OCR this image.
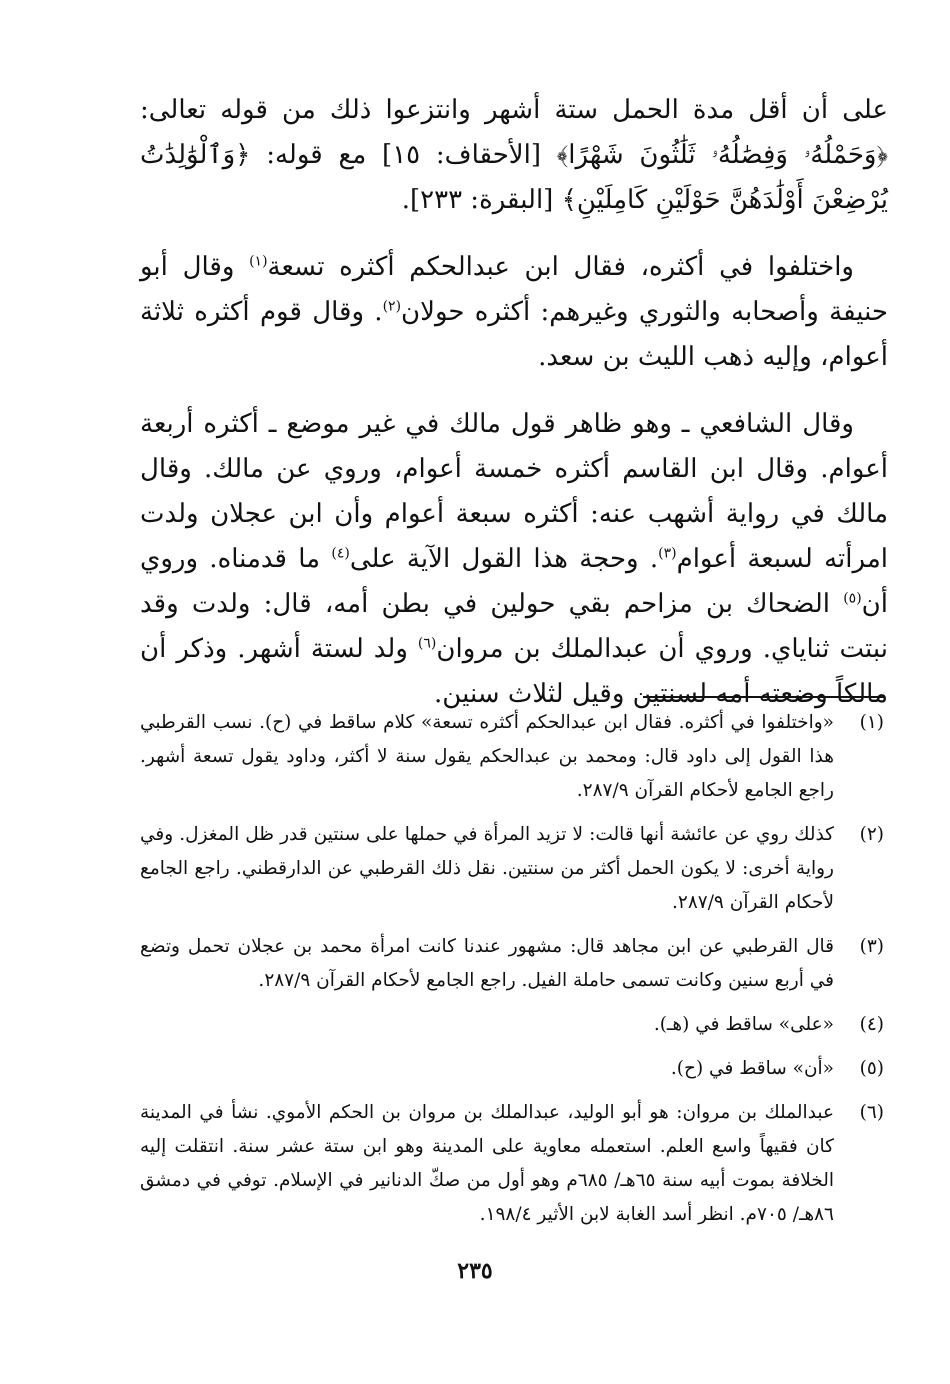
على أن أقل مدة الحمل ستة أشهر وانتزعوا ذلك من قوله تعالى: ﴿وَحَمْلُهُۥ وَفِصَٰلُهُۥ ثَلَٰثُونَ شَهْرًا﴾ [الأحقاف: ١٥] مع قوله: ﴿وَٱلْوَٰلِدَٰتُ يُرْضِعْنَ أَوْلَٰدَهُنَّ حَوْلَيْنِ كَامِلَيْنِ﴾ [البقرة: ٢٣٣].

واختلفوا في أكثره، فقال ابن عبدالحكم أكثره تسعة$^{(١)}$ وقال أبو حنيفة وأصحابه والثوري وغيرهم: أكثره حولان$^{(٢)}$. وقال قوم أكثره ثلاثة أعوام، وإليه ذهب الليث بن سعد.

وقال الشافعي ـ وهو ظاهر قول مالك في غير موضع ـ أكثره أربعة أعوام. وقال ابن القاسم أكثره خمسة أعوام، وروي عن مالك. وقال مالك في رواية أشهب عنه: أكثره سبعة أعوام وأن ابن عجلان ولدت امرأته لسبعة أعوام$^{(٣)}$. وحجة هذا القول الآية على$^{(٤)}$ ما قدمناه. وروي أن$^{(٥)}$ الضحاك بن مزاحم بقي حولين في بطن أمه، قال: ولدت وقد نبتت ثناياي. وروي أن عبدالملك بن مروان$^{(٦)}$ ولد لستة أشهر. وذكر أن مالكاً وضعته أمه لسنتين وقيل لثلاث سنين.

(١)
«واختلفوا في أكثره. فقال ابن عبدالحكم أكثره تسعة» كلام ساقط في (ح). نسب القرطبي هذا القول إلى داود قال: ومحمد بن عبدالحكم يقول سنة لا أكثر، وداود يقول تسعة أشهر. راجع الجامع لأحكام القرآن ٢٨٧/٩.
(٢)
كذلك روي عن عائشة أنها قالت: لا تزيد المرأة في حملها على سنتين قدر ظل المغزل. وفي رواية أخرى: لا يكون الحمل أكثر من سنتين. نقل ذلك القرطبي عن الدارقطني. راجع الجامع لأحكام القرآن ٢٨٧/٩.
(٣)
قال القرطبي عن ابن مجاهد قال: مشهور عندنا كانت امرأة محمد بن عجلان تحمل وتضع في أربع سنين وكانت تسمى حاملة الفيل. راجع الجامع لأحكام القرآن ٢٨٧/٩.
(٤)
«على» ساقط في (هـ).
(٥)
«أن» ساقط في (ح).
(٦)
عبدالملك بن مروان: هو أبو الوليد، عبدالملك بن مروان بن الحكم الأموي. نشأ في المدينة كان فقيهاً واسع العلم. استعمله معاوية على المدينة وهو ابن ستة عشر سنة. انتقلت إليه الخلافة بموت أبيه سنة ٦٥هـ/ ٦٨٥م وهو أول من صكّ الدنانير في الإسلام. توفي في دمشق ٨٦هـ/ ٧٠٥م. انظر أسد الغابة لابن الأثير ١٩٨/٤.
٢٣٥
